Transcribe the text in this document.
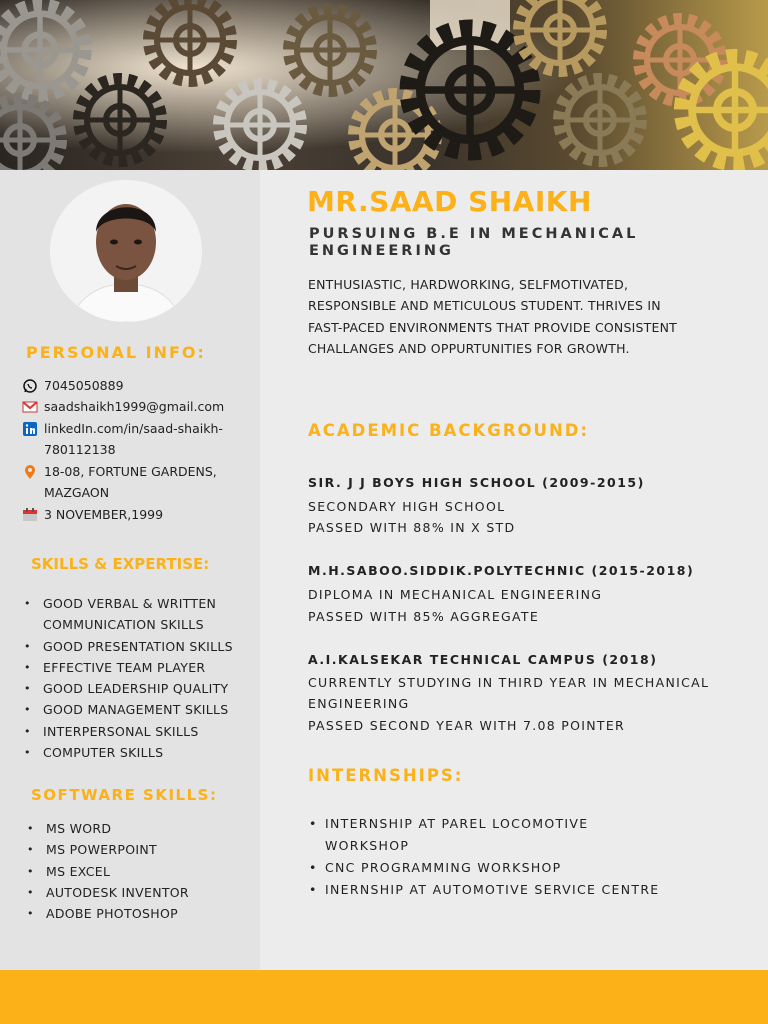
PERSONAL INFO:
7045050889
saadshaikh1999@gmail.com
linkedIn.com/in/saad-shaikh-
780112138
18-08, FORTUNE GARDENS,
MAZGAON
3 NOVEMBER,1999
SKILLS & EXPERTISE:
• GOOD VERBAL & WRITTEN
COMMUNICATION SKILLS
• GOOD PRESENTATION SKILLS
• EFFECTIVE TEAM PLAYER
• GOOD LEADERSHIP QUALITY
• GOOD MANAGEMENT SKILLS
• INTERPERSONAL SKILLS
• COMPUTER SKILLS
SOFTWARE SKILLS:
• MS WORD
• MS POWERPOINT
• MS EXCEL
• AUTODESK INVENTOR
• ADOBE PHOTOSHOP
MR.SAAD SHAIKH
PURSUING B.E IN MECHANICAL ENGINEERING
ENTHUSIASTIC, HARDWORKING, SELFMOTIVATED, RESPONSIBLE AND METICULOUS STUDENT. THRIVES IN FAST-PACED ENVIRONMENTS THAT PROVIDE CONSISTENT CHALLANGES AND OPPURTUNITIES FOR GROWTH.
ACADEMIC BACKGROUND:
SIR. J J BOYS HIGH SCHOOL (2009-2015)
SECONDARY HIGH SCHOOL
PASSED WITH 88% IN X STD
M.H.SABOO.SIDDIK.POLYTECHNIC (2015-2018)
DIPLOMA IN MECHANICAL ENGINEERING
PASSED WITH 85% AGGREGATE
A.I.KALSEKAR TECHNICAL CAMPUS (2018)
CURRENTLY STUDYING IN THIRD YEAR IN MECHANICAL
ENGINEERING
PASSED SECOND YEAR WITH 7.08 POINTER
INTERNSHIPS:
• INTERNSHIP AT PAREL LOCOMOTIVE
WORKSHOP
• CNC PROGRAMMING WORKSHOP
• INERNSHIP AT AUTOMOTIVE SERVICE CENTRE
